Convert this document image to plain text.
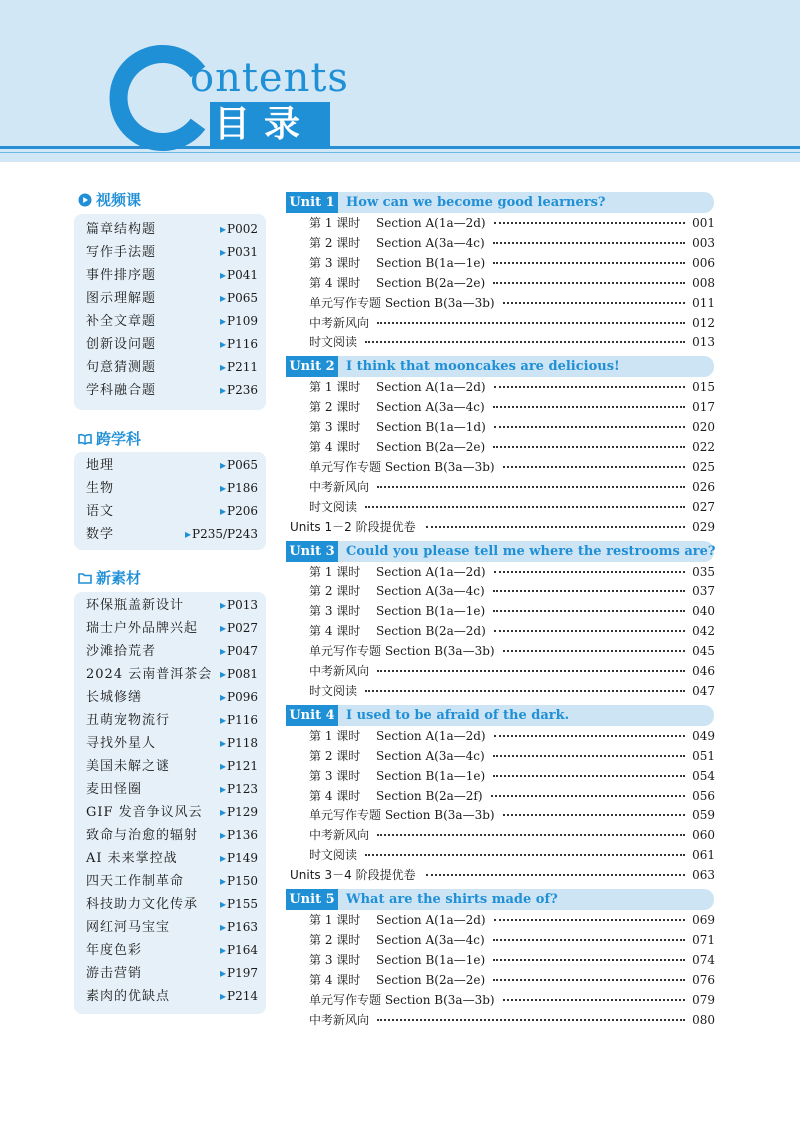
ontents
目录
视频课
跨学科
新素材
篇章结构题	▸ P002
写作手法题	▸ P031
事件排序题	▸ P041
图示理解题	▸ P065
补全文章题	▸ P109
创新设问题	▸ P116
句意猜测题	▸ P211
学科融合题	▸ P236
地理	▸ P065
生物	▸ P186
语文	▸ P206
数学	▸ P235/P243
环保瓶盖新设计	▸ P013
瑞士户外品牌兴起	▸ P027
沙滩拾荒者	▸ P047
2024 云南普洱茶会	▸ P081
长城修缮	▸ P096
丑萌宠物流行	▸ P116
寻找外星人	▸ P118
美国未解之谜	▸ P121
麦田怪圈	▸ P123
GIF 发音争议风云	▸ P129
致命与治愈的辐射	▸ P136
AI 未来掌控战	▸ P149
四天工作制革命	▸ P150
科技助力文化传承	▸ P155
网红河马宝宝	▸ P163
年度色彩	▸ P164
游击营销	▸ P197
素肉的优缺点	▸ P214
Unit 1 How can we become good learners?
第 1 课时 Section A(1a—2d)	001
第 2 课时 Section A(3a—4c)	003
第 3 课时 Section B(1a—1e)	006
第 4 课时 Section B(2a—2e)	008
单元写作专题 Section B(3a—3b)	011
中考新风向	012
时文阅读	013
Unit 2 I think that mooncakes are delicious!
第 1 课时 Section A(1a—2d)	015
第 2 课时 Section A(3a—4c)	017
第 3 课时 Section B(1a—1d)	020
第 4 课时 Section B(2a—2e)	022
单元写作专题 Section B(3a—3b)	025
中考新风向	026
时文阅读	027
Units 1－2 阶段提优卷	029
Unit 3 Could you please tell me where the restrooms are?
第 1 课时 Section A(1a—2d)	035
第 2 课时 Section A(3a—4c)	037
第 3 课时 Section B(1a—1e)	040
第 4 课时 Section B(2a—2d)	042
单元写作专题 Section B(3a—3b)	045
中考新风向	046
时文阅读	047
Unit 4 I used to be afraid of the dark.
第 1 课时 Section A(1a—2d)	049
第 2 课时 Section A(3a—4c)	051
第 3 课时 Section B(1a—1e)	054
第 4 课时 Section B(2a—2f)	056
单元写作专题 Section B(3a—3b)	059
中考新风向	060
时文阅读	061
Units 3－4 阶段提优卷	063
Unit 5 What are the shirts made of?
第 1 课时 Section A(1a—2d)	069
第 2 课时 Section A(3a—4c)	071
第 3 课时 Section B(1a—1e)	074
第 4 课时 Section B(2a—2e)	076
单元写作专题 Section B(3a—3b)	079
中考新风向	080
